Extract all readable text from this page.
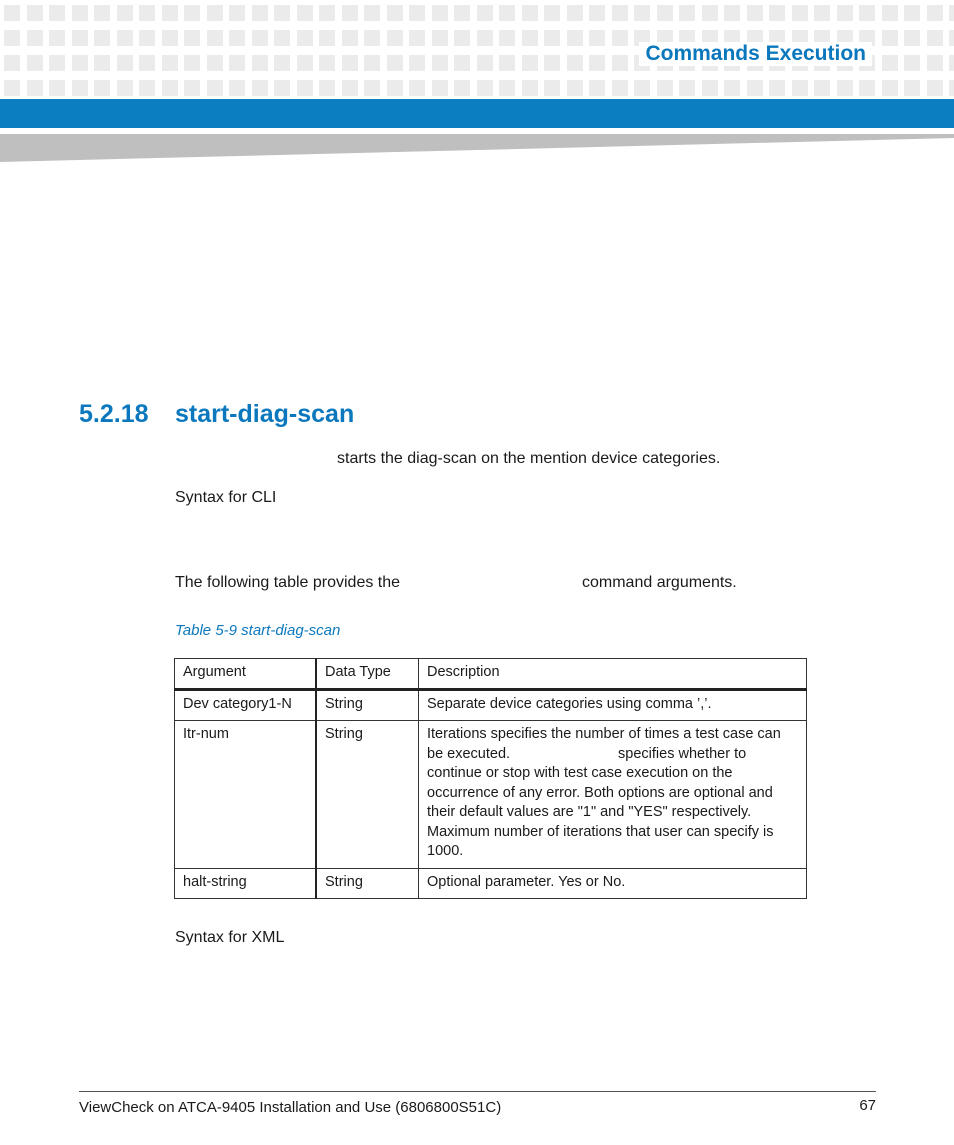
Commands Execution
5.2.18 start-diag-scan
starts the diag-scan on the mention device categories.
Syntax for CLI
The following table provides the	command arguments.
Table 5-9 start-diag-scan
Argument	Data Type	Description
Dev category1-N	String	Separate device categories using comma ’,’.
Itr-num	String	Iterations specifies the number of times a test case can be executed. specifies whether to continue or stop with test case execution on the occurrence of any error. Both options are optional and their default values are "1" and "YES" respectively. Maximum number of iterations that user can specify is 1000.
halt-string	String	Optional parameter. Yes or No.
Syntax for XML
ViewCheck on ATCA-9405 Installation and Use (6806800S51C)	67
